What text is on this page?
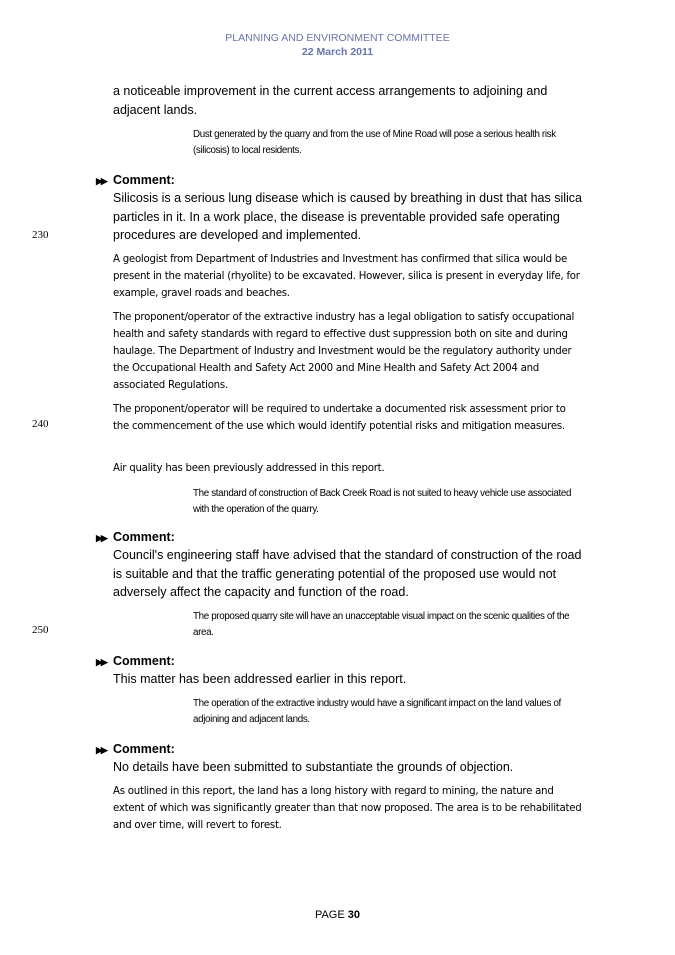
PLANNING AND ENVIRONMENT COMMITTEE
22 March 2011
230
240
250
a noticeable improvement in the current access arrangements to adjoining and adjacent lands.
Dust generated by the quarry and from the use of Mine Road will pose a serious health risk (silicosis) to local residents.
▶▶ Comment:
Silicosis is a serious lung disease which is caused by breathing in dust that has silica particles in it. In a work place, the disease is preventable provided safe operating procedures are developed and implemented.
A geologist from Department of Industries and Investment has confirmed that silica would be present in the material (rhyolite) to be excavated. However, silica is present in everyday life, for example, gravel roads and beaches.
The proponent/operator of the extractive industry has a legal obligation to satisfy occupational health and safety standards with regard to effective dust suppression both on site and during haulage. The Department of Industry and Investment would be the regulatory authority under the Occupational Health and Safety Act 2000 and Mine Health and Safety Act 2004 and associated Regulations.
The proponent/operator will be required to undertake a documented risk assessment prior to the commencement of the use which would identify potential risks and mitigation measures.
Air quality has been previously addressed in this report.
The standard of construction of Back Creek Road is not suited to heavy vehicle use associated with the operation of the quarry.
▶▶ Comment:
Council's engineering staff have advised that the standard of construction of the road is suitable and that the traffic generating potential of the proposed use would not adversely affect the capacity and function of the road.
The proposed quarry site will have an unacceptable visual impact on the scenic qualities of the area.
▶▶ Comment:
This matter has been addressed earlier in this report.
The operation of the extractive industry would have a significant impact on the land values of adjoining and adjacent lands.
▶▶ Comment:
No details have been submitted to substantiate the grounds of objection.
As outlined in this report, the land has a long history with regard to mining, the nature and extent of which was significantly greater than that now proposed. The area is to be rehabilitated and over time, will revert to forest.
PAGE 30
